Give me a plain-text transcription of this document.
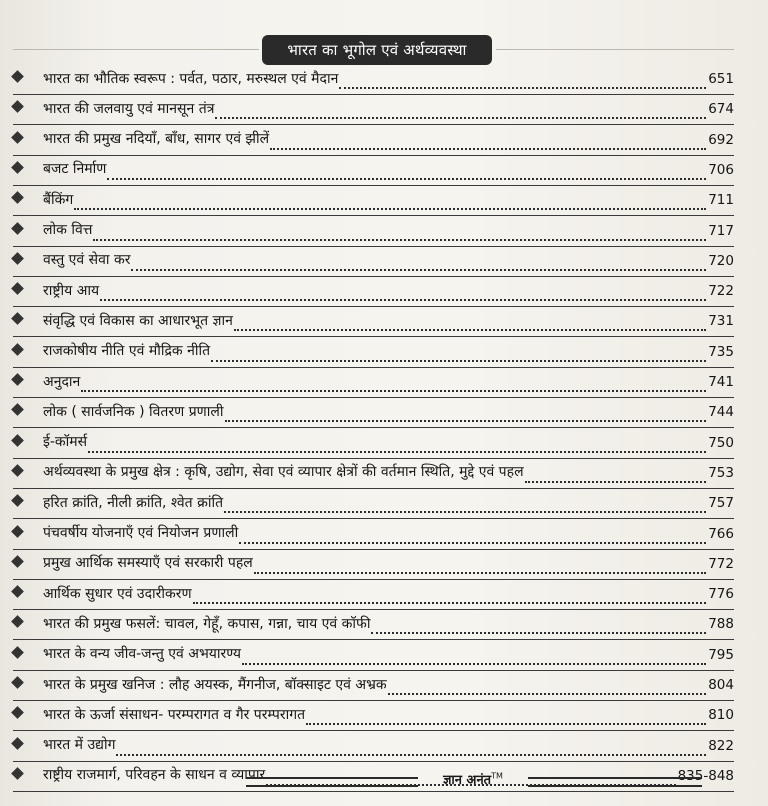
भारत का भूगोल एवं अर्थव्यवस्था
भारत का भौतिक स्वरूप : पर्वत, पठार, मरुस्थल एवं मैदान	651
भारत की जलवायु एवं मानसून तंत्र	674
भारत की प्रमुख नदियाँ, बाँध, सागर एवं झीलें	692
बजट निर्माण	706
बैंकिंग	711
लोक वित्त	717
वस्तु एवं सेवा कर	720
राष्ट्रीय आय	722
संवृद्धि एवं विकास का आधारभूत ज्ञान	731
राजकोषीय नीति एवं मौद्रिक नीति	735
अनुदान	741
लोक ( सार्वजनिक ) वितरण प्रणाली	744
ई-कॉमर्स	750
अर्थव्यवस्था के प्रमुख क्षेत्र : कृषि, उद्योग, सेवा एवं व्यापार क्षेत्रों की वर्तमान स्थिति, मुद्दे एवं पहल	753
हरित क्रांति, नीली क्रांति, श्वेत क्रांति	757
पंचवर्षीय योजनाएँ एवं नियोजन प्रणाली	766
प्रमुख आर्थिक समस्याएँ एवं सरकारी पहल	772
आर्थिक सुधार एवं उदारीकरण	776
भारत की प्रमुख फसलें: चावल, गेहूँ, कपास, गन्ना, चाय एवं कॉफी	788
भारत के वन्य जीव-जन्तु एवं अभयारण्य	795
भारत के प्रमुख खनिज : लौह अयस्क, मैंगनीज, बॉक्साइट एवं अभ्रक	804
भारत के ऊर्जा संसाधन- परम्परागत व गैर परम्परागत	810
भारत में उद्योग	822
राष्ट्रीय राजमार्ग, परिवहन के साधन व व्यापार	835-848
ज्ञान अनंत™
